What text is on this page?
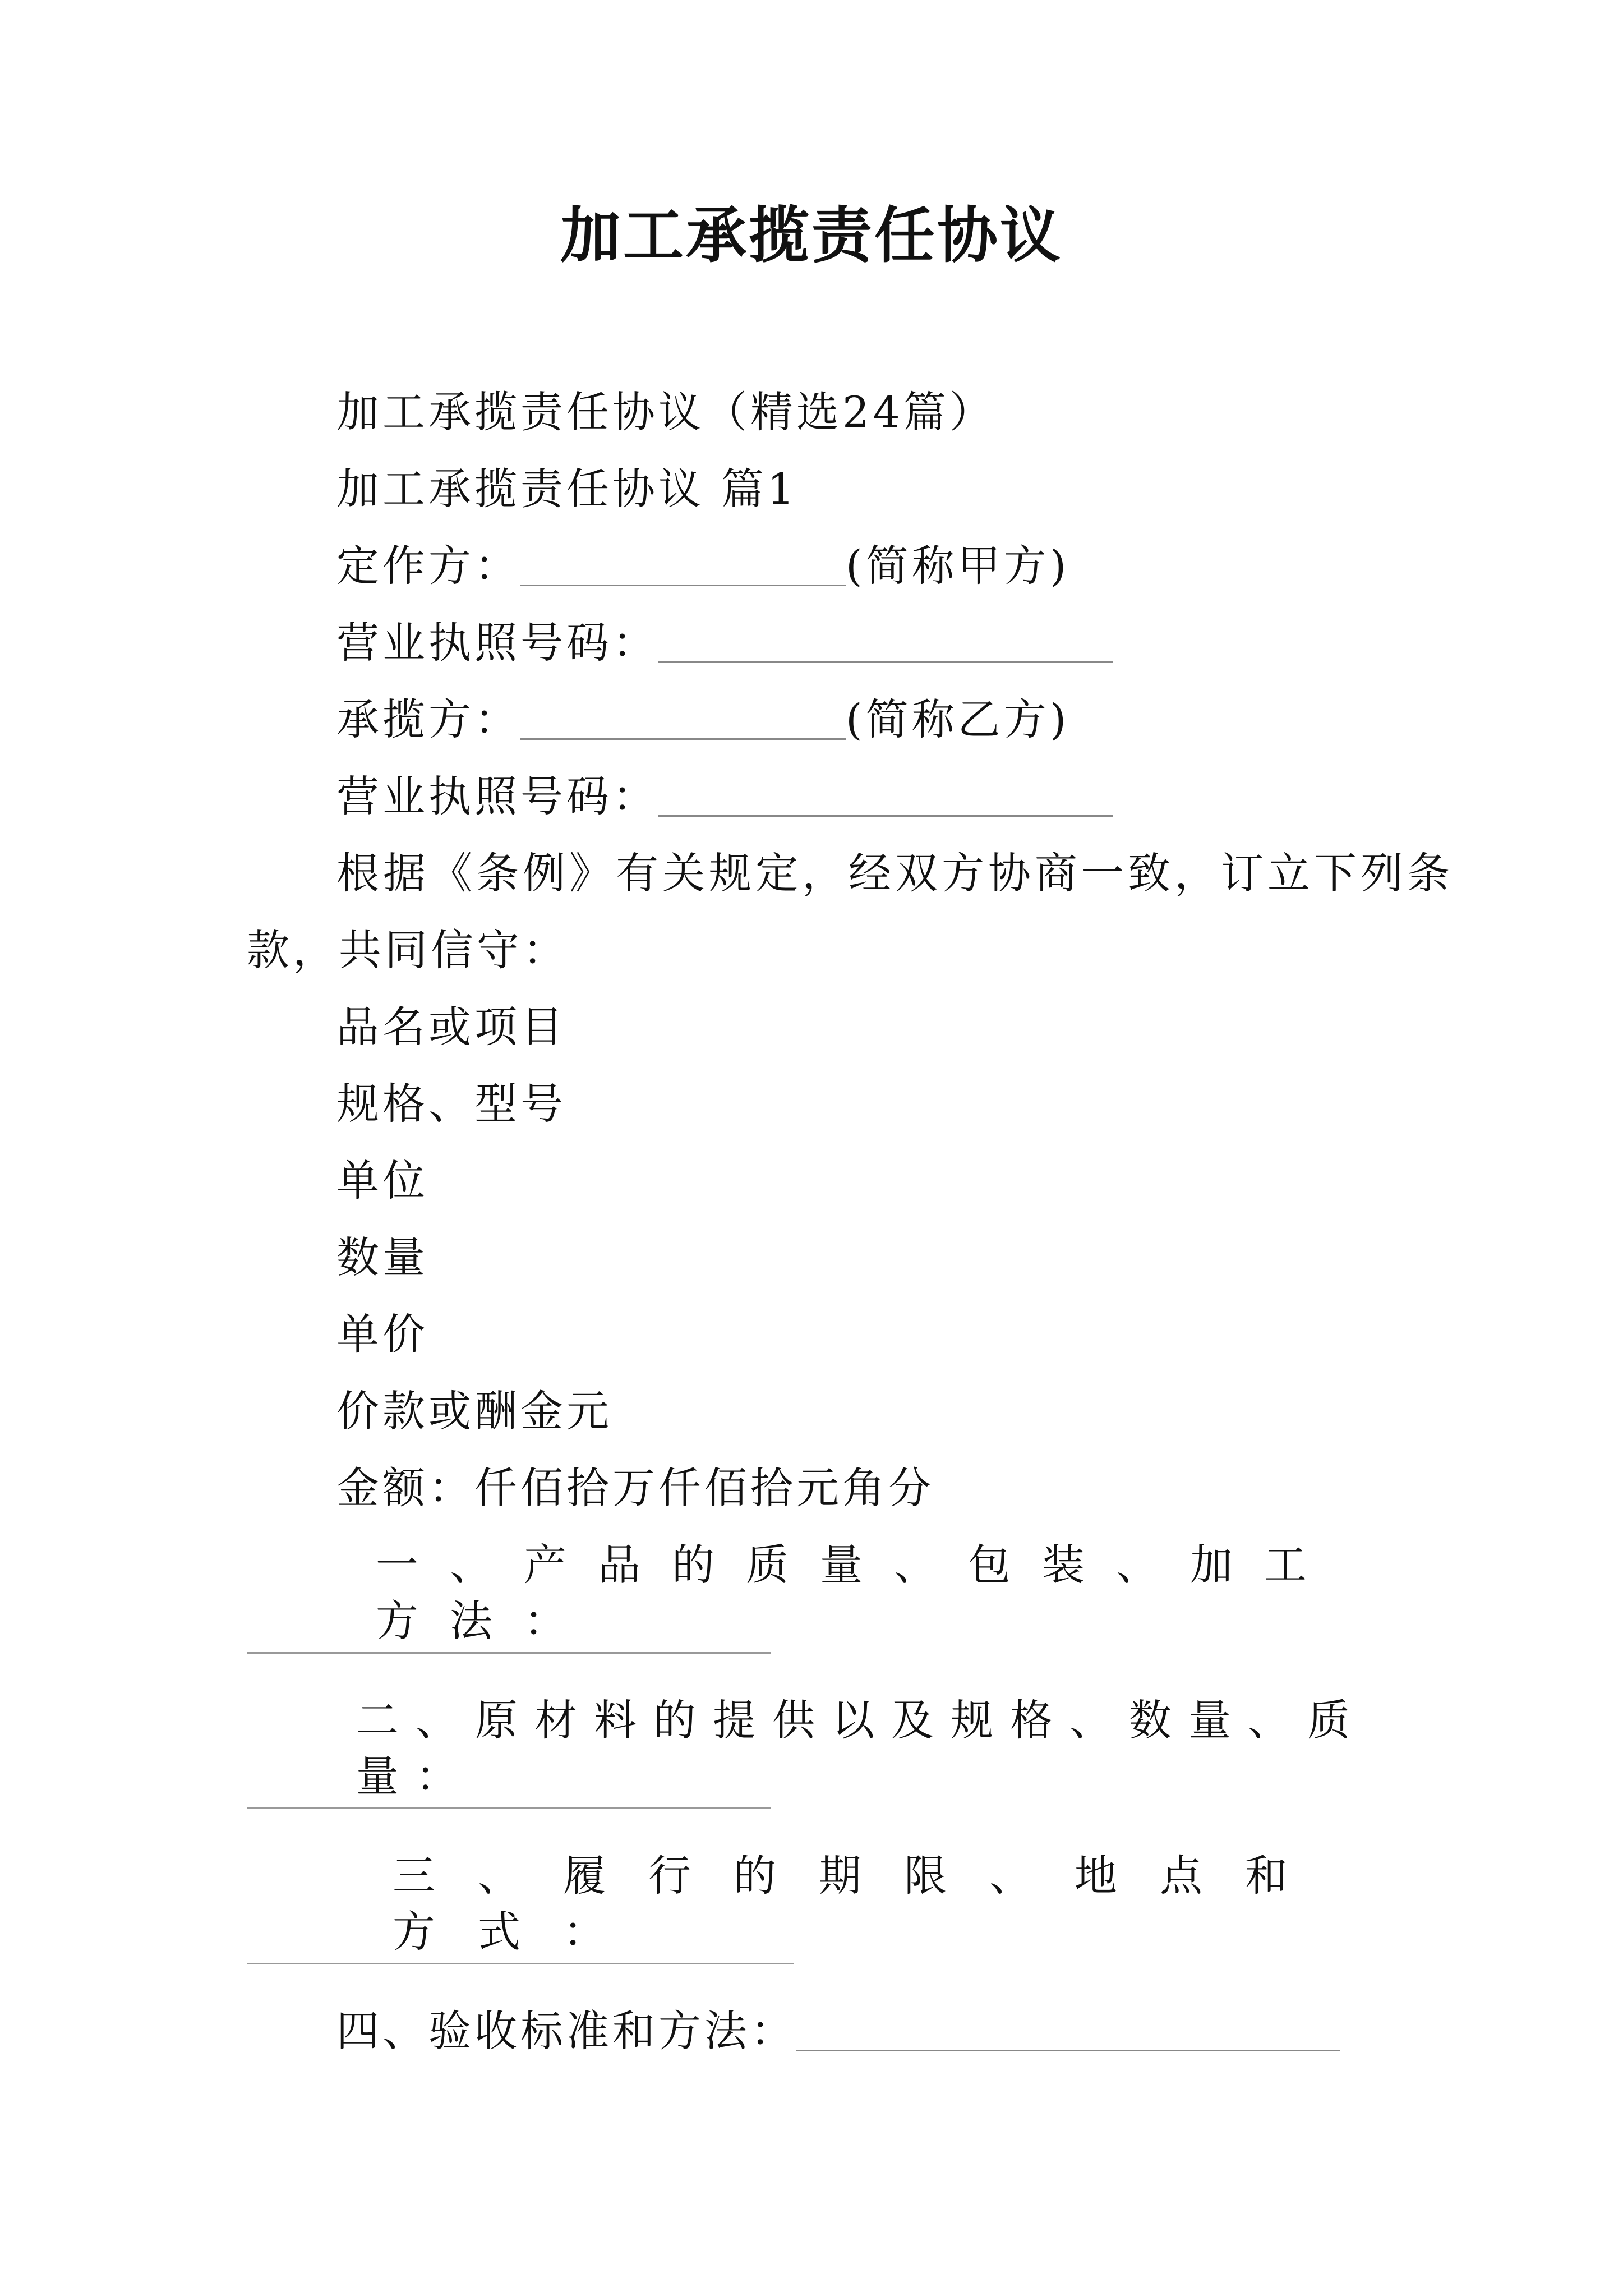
加工承揽责任协议
加工承揽责任协议（精选24篇）
加工承揽责任协议 篇1
定作方：	(简称甲方)
营业执照号码：
承揽方：	(简称乙方)
营业执照号码：
根据《条例》有关规定，经双方协商一致，订立下列条
款，共同信守：
品名或项目
规格、型号
单位
数量
单价
价款或酬金元
金额：仟佰拾万仟佰拾元角分
一、产品的质量、包装、加工方法：
二、原材料的提供以及规格、数量、质量：
三、履行的期限、地点和方式：
四、验收标准和方法：
